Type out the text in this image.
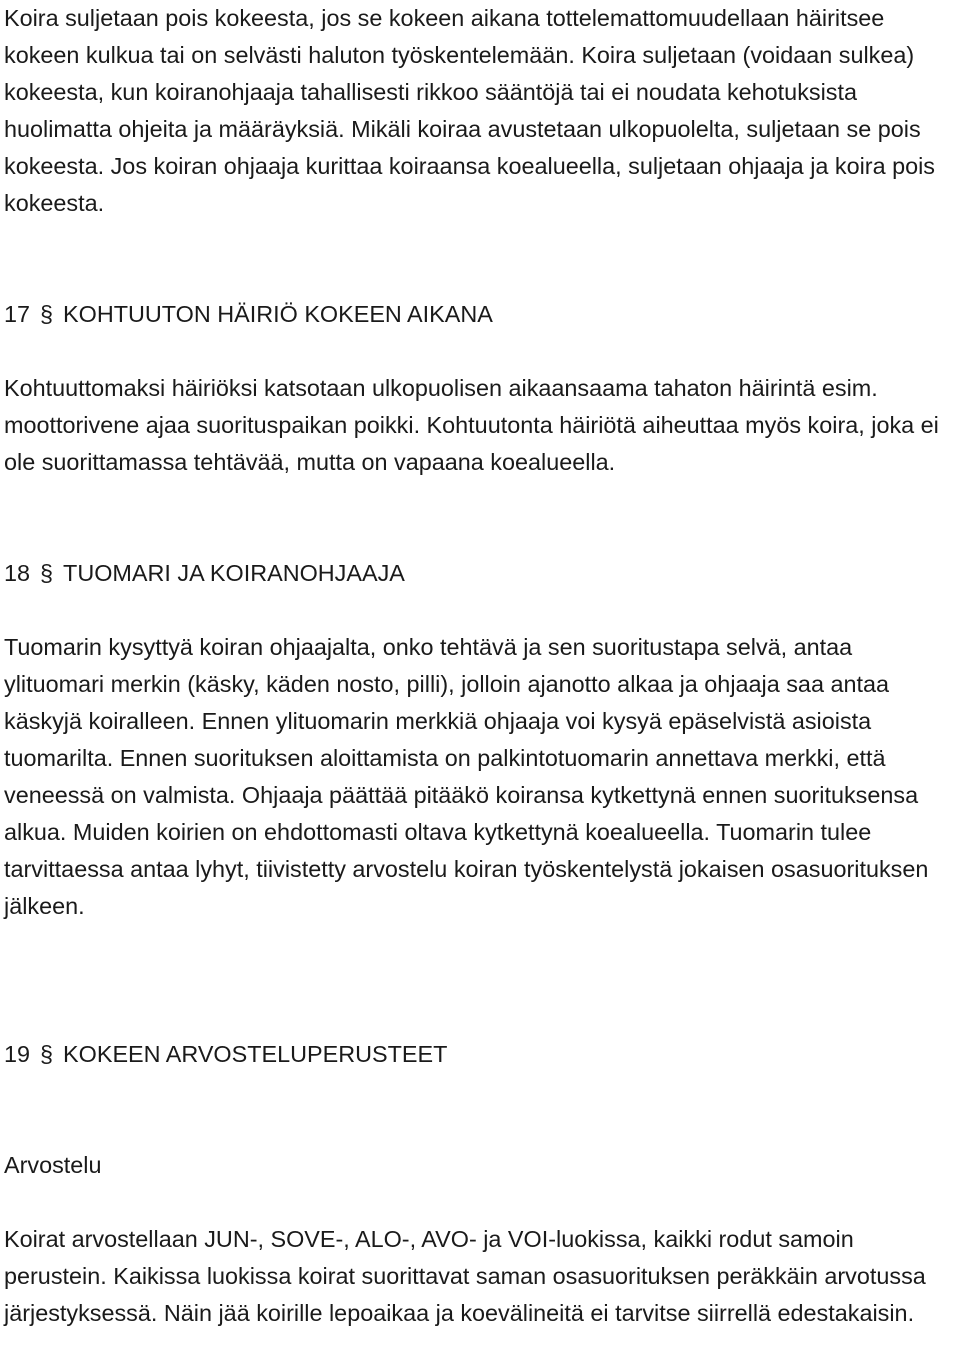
Koira suljetaan pois kokeesta, jos se kokeen aikana tottelemattomuudellaan häiritsee kokeen kulkua tai on selvästi haluton työskentelemään. Koira suljetaan (voidaan sulkea) kokeesta, kun koiranohjaaja tahallisesti rikkoo sääntöjä tai ei noudata kehotuksista huolimatta ohjeita ja määräyksiä. Mikäli koiraa avustetaan ulkopuolelta, suljetaan se pois kokeesta. Jos koiran ohjaaja kurittaa koiraansa koealueella, suljetaan ohjaaja ja koira pois kokeesta.

17 § KOHTUUTON HÄIRIÖ KOKEEN AIKANA

Kohtuuttomaksi häiriöksi katsotaan ulkopuolisen aikaansaama tahaton häirintä esim. moottorivene ajaa suorituspaikan poikki. Kohtuutonta häiriötä aiheuttaa myös koira, joka ei ole suorittamassa tehtävää, mutta on vapaana koealueella.

18 § TUOMARI JA KOIRANOHJAAJA

Tuomarin kysyttyä koiran ohjaajalta, onko tehtävä ja sen suoritustapa selvä, antaa ylituomari merkin (käsky, käden nosto, pilli), jolloin ajanotto alkaa ja ohjaaja saa antaa käskyjä koiralleen. Ennen ylituomarin merkkiä ohjaaja voi kysyä epäselvistä asioista tuomarilta. Ennen suorituksen aloittamista on palkintotuomarin annettava merkki, että veneessä on valmista. Ohjaaja päättää pitääkö koiransa kytkettynä ennen suorituksensa alkua. Muiden koirien on ehdottomasti oltava kytkettynä koealueella. Tuomarin tulee tarvittaessa antaa lyhyt, tiivistetty arvostelu koiran työskentelystä jokaisen osasuorituksen jälkeen.

19 § KOKEEN ARVOSTELUPERUSTEET

Arvostelu

Koirat arvostellaan JUN-, SOVE-, ALO-, AVO- ja VOI-luokissa, kaikki rodut samoin perustein. Kaikissa luokissa koirat suorittavat saman osasuorituksen peräkkäin arvotussa järjestyksessä. Näin jää koirille lepoaikaa ja koevälineitä ei tarvitse siirrellä edestakaisin.
